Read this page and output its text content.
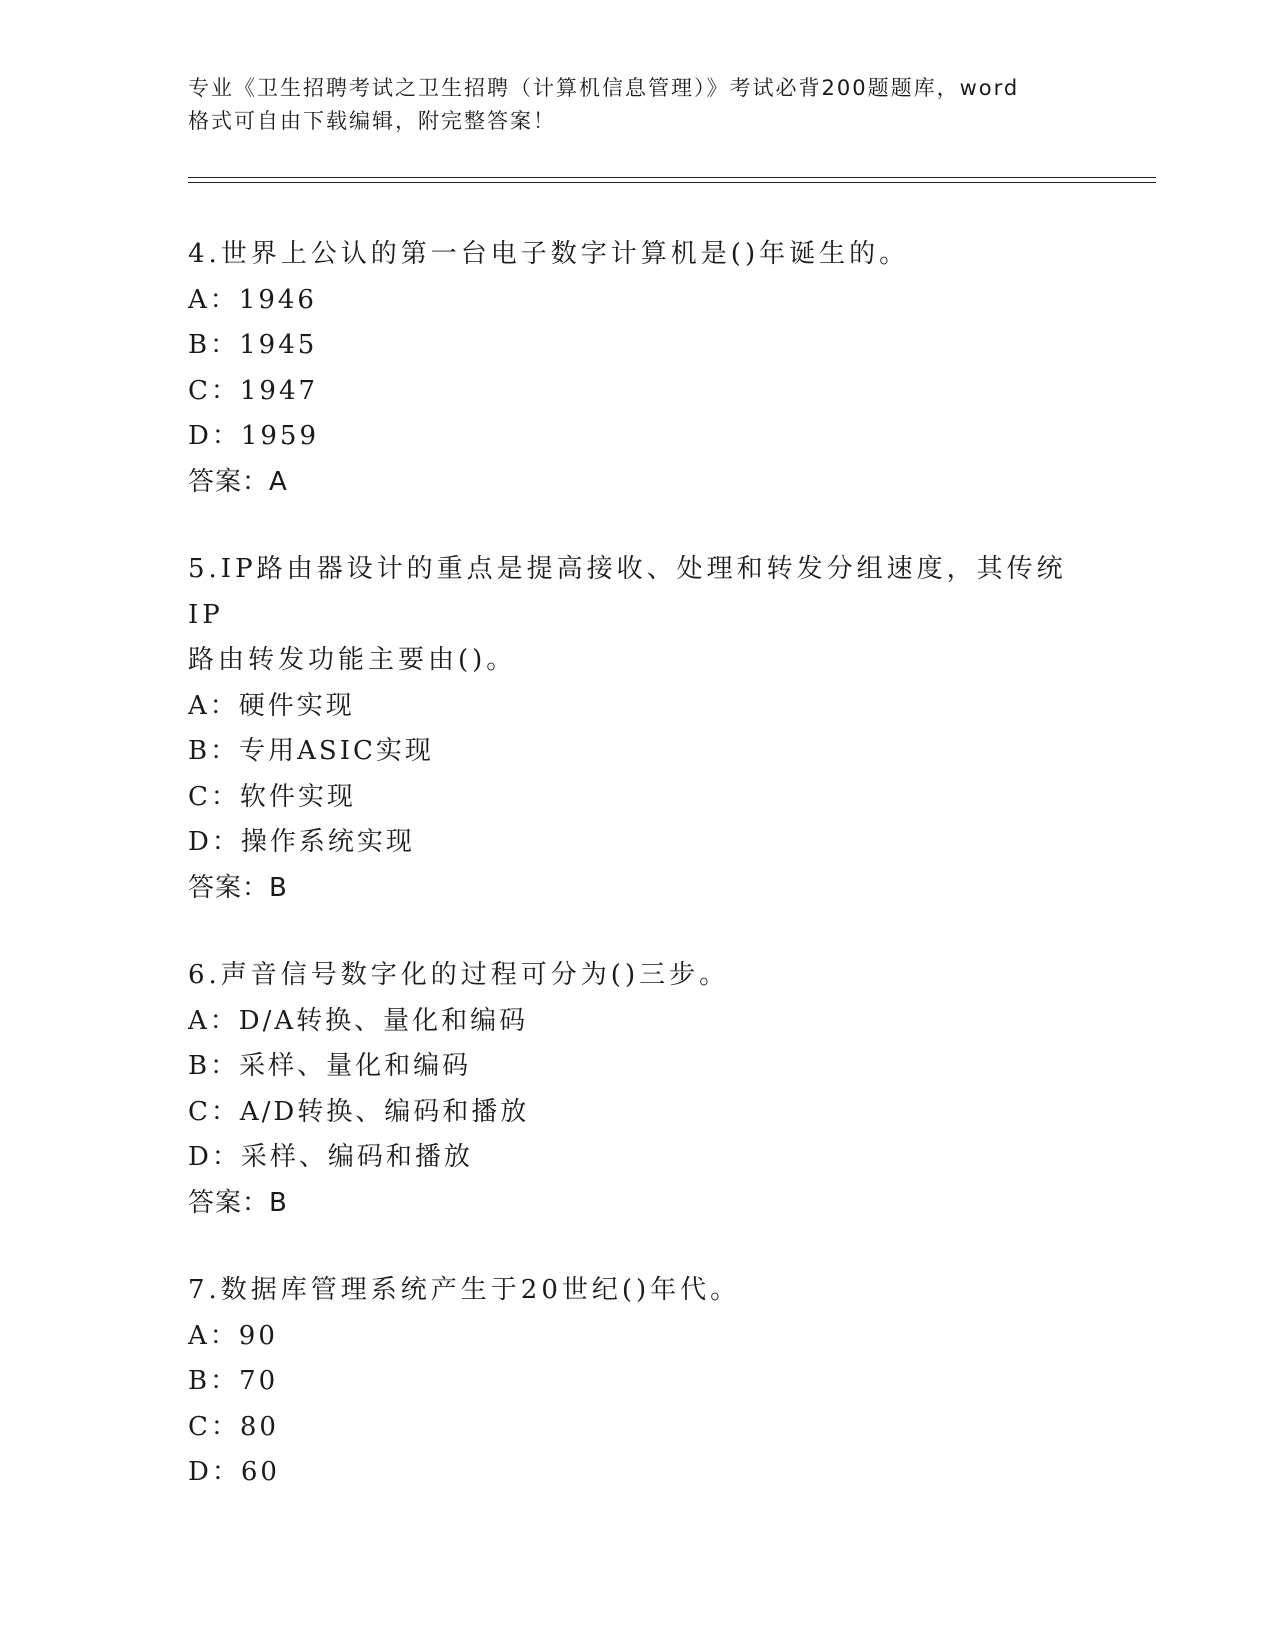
专业《卫生招聘考试之卫生招聘（计算机信息管理）》考试必背200题题库，word
格式可自由下载编辑，附完整答案！

4.世界上公认的第一台电子数字计算机是()年诞生的。

A：1946

B：1945

C：1947

D：1959

答案：A

5.IP路由器设计的重点是提高接收、处理和转发分组速度，其传统IP

路由转发功能主要由()。

A：硬件实现

B：专用ASIC实现

C：软件实现

D：操作系统实现

答案：B

6.声音信号数字化的过程可分为()三步。

A：D/A转换、量化和编码

B：采样、量化和编码

C：A/D转换、编码和播放

D：采样、编码和播放

答案：B

7.数据库管理系统产生于20世纪()年代。

A：90

B：70

C：80

D：60
